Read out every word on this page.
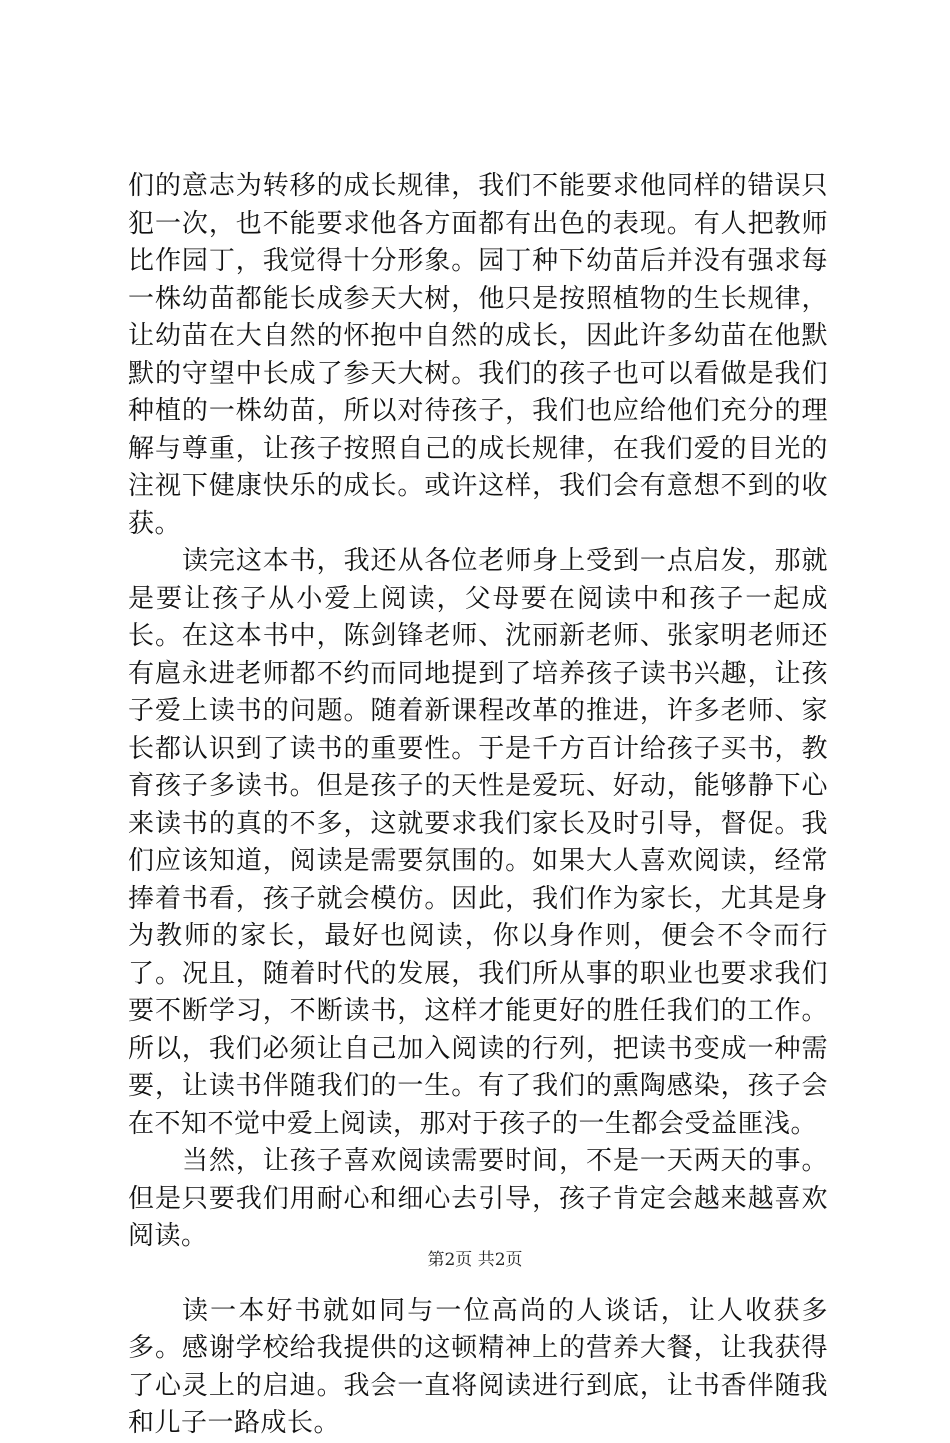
们的意志为转移的成长规律，我们不能要求他同样的错误只犯一次，也不能要求他各方面都有出色的表现。有人把教师比作园丁，我觉得十分形象。园丁种下幼苗后并没有强求每一株幼苗都能长成参天大树，他只是按照植物的生长规律，让幼苗在大自然的怀抱中自然的成长，因此许多幼苗在他默默的守望中长成了参天大树。我们的孩子也可以看做是我们种植的一株幼苗，所以对待孩子，我们也应给他们充分的理解与尊重，让孩子按照自己的成长规律，在我们爱的目光的注视下健康快乐的成长。或许这样，我们会有意想不到的收获。

读完这本书，我还从各位老师身上受到一点启发，那就是要让孩子从小爱上阅读，父母要在阅读中和孩子一起成长。在这本书中，陈剑锋老师、沈丽新老师、张家明老师还有扈永进老师都不约而同地提到了培养孩子读书兴趣，让孩子爱上读书的问题。随着新课程改革的推进，许多老师、家长都认识到了读书的重要性。于是千方百计给孩子买书，教育孩子多读书。但是孩子的天性是爱玩、好动，能够静下心来读书的真的不多，这就要求我们家长及时引导，督促。我们应该知道，阅读是需要氛围的。如果大人喜欢阅读，经常捧着书看，孩子就会模仿。因此，我们作为家长，尤其是身为教师的家长，最好也阅读，你以身作则，便会不令而行了。况且，随着时代的发展，我们所从事的职业也要求我们要不断学习，不断读书，这样才能更好的胜任我们的工作。所以，我们必须让自己加入阅读的行列，把读书变成一种需要，让读书伴随我们的一生。有了我们的熏陶感染，孩子会在不知不觉中爱上阅读，那对于孩子的一生都会受益匪浅。

当然，让孩子喜欢阅读需要时间，不是一天两天的事。但是只要我们用耐心和细心去引导，孩子肯定会越来越喜欢阅读。

读一本好书就如同与一位高尚的人谈话，让人收获多多。感谢学校给我提供的这顿精神上的营养大餐，让我获得了心灵上的启迪。我会一直将阅读进行到底，让书香伴随我和儿子一路成长。

第2页 共2页
